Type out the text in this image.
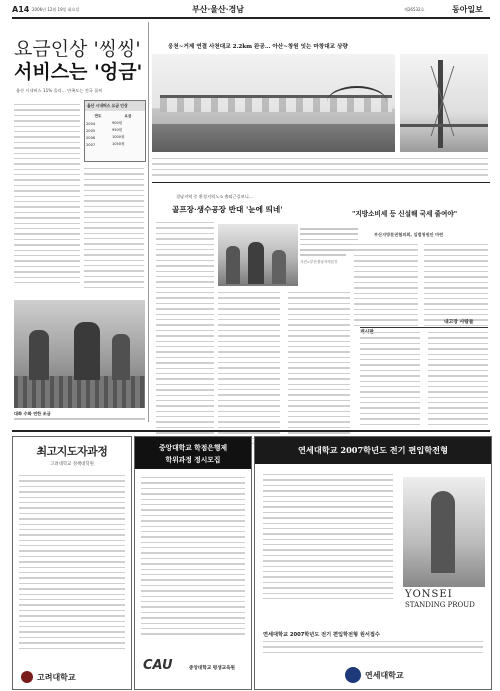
A14 2006년 12월 19일 화요일	부산·울산·경남	제26532호	동아일보
요금인상 '씽씽'
서비스는 '엉금'
울산 시내버스 11% 올라… 만족도는 전국 꼴찌
울산 시내버스 요금 인상
연도	요금
2004	900원
2005	950원
2006	1000원
2007	1050원
대화 수화 연한 조금
웅천~거제 연결 사천대교 2.2km 완공… 아산~창원 잇는 마창대교 상량
경남지역 중 환경지역노소 출퇴근길보니…
골프장·생수공장 반대 '눈에 띄네'
사진=부산경남지역본부
"지방소비세 등 신설해 국세 줄여야"
부산지방분권협의회, 입법청원안 마련
내고장 사람들
최고지도자과정
고려대학교 정책대학원
고려대학교
중앙대학교 학점은행제
학위과정 정시모집
CAU	중앙대학교 평생교육원
연세대학교 2007학년도 전기 편입학전형
YONSEI
STANDING PROUD
연세대학교 2007학년도 전기 편입학전형 원서접수
연세대학교
